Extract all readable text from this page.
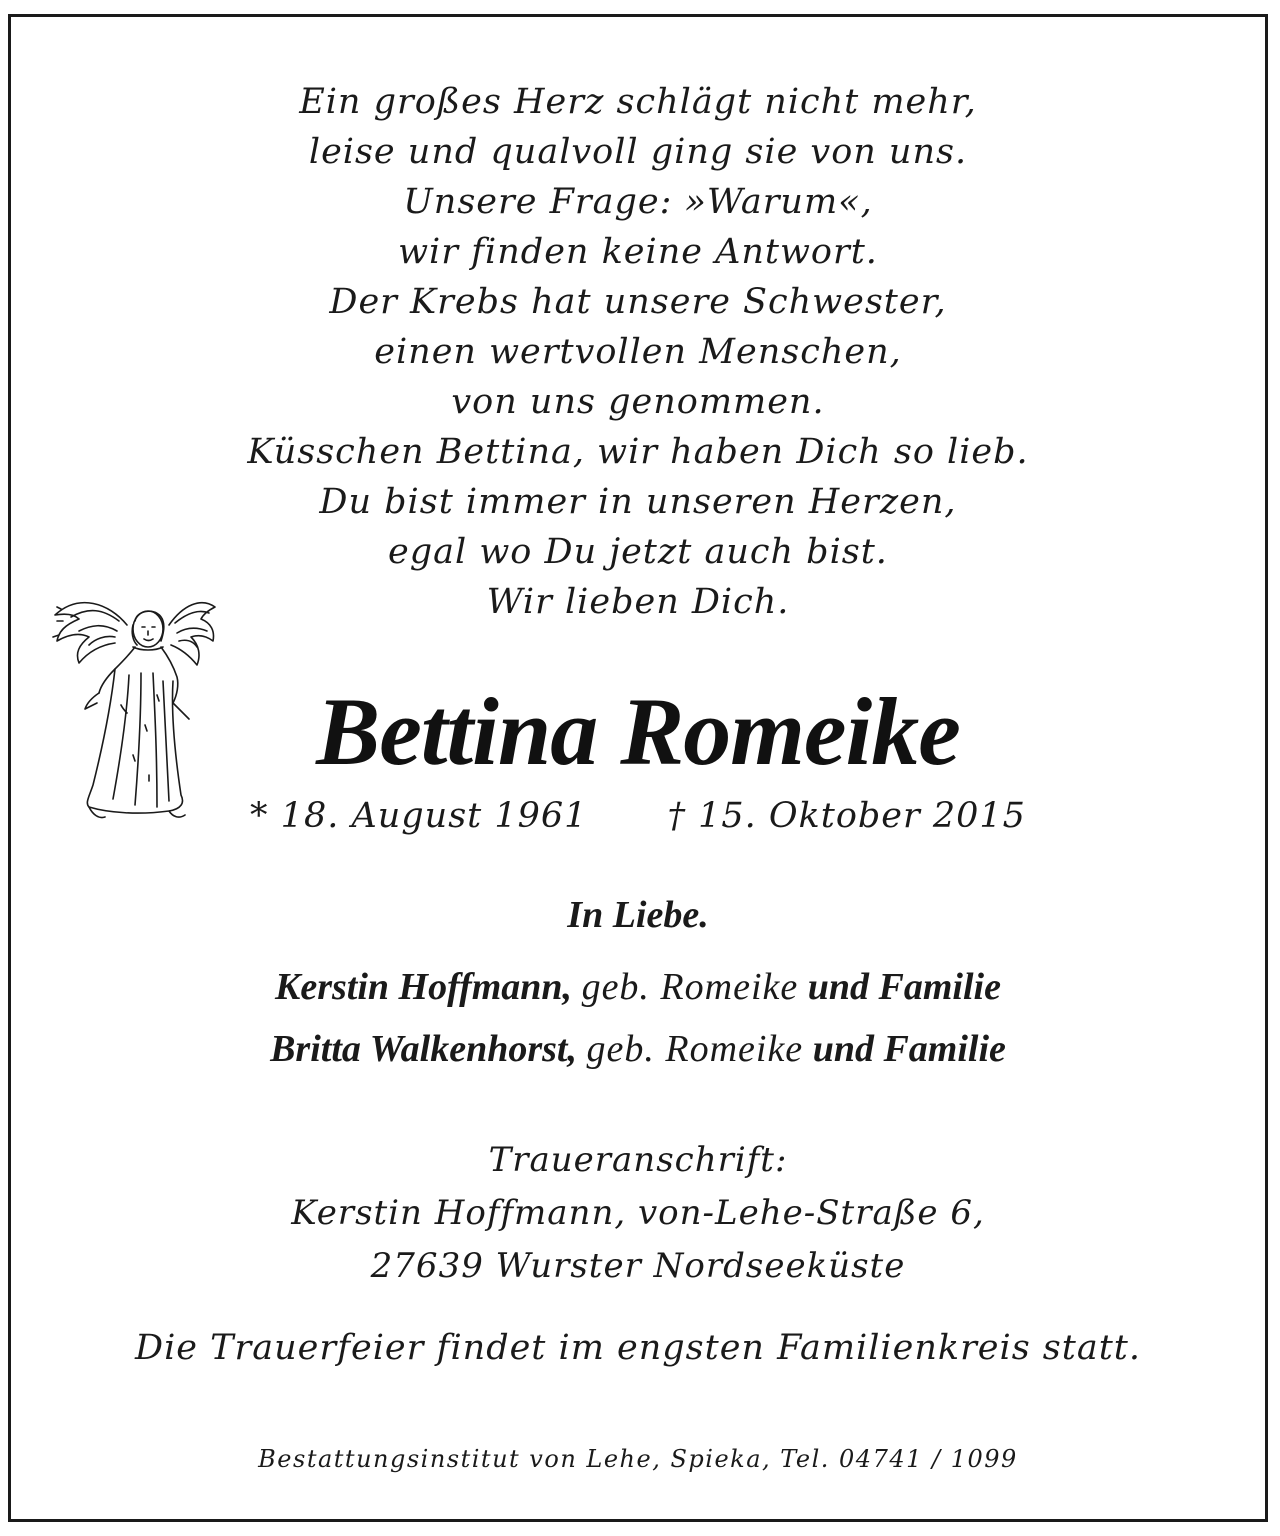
Ein großes Herz schlägt nicht mehr,
leise und qualvoll ging sie von uns.
Unsere Frage: »Warum«,
wir finden keine Antwort.
Der Krebs hat unsere Schwester,
einen wertvollen Menschen,
von uns genommen.
Küsschen Bettina, wir haben Dich so lieb.
Du bist immer in unseren Herzen,
egal wo Du jetzt auch bist.
Wir lieben Dich.
Bettina Romeike
* 18. August 1961 † 15. Oktober 2015
In Liebe.
Kerstin Hoffmann, geb. Romeike und Familie
Britta Walkenhorst, geb. Romeike und Familie
Traueranschrift:
Kerstin Hoffmann, von-Lehe-Straße 6,
27639 Wurster Nordseeküste
Die Trauerfeier findet im engsten Familienkreis statt.
Bestattungsinstitut von Lehe, Spieka, Tel. 04741 / 1099
